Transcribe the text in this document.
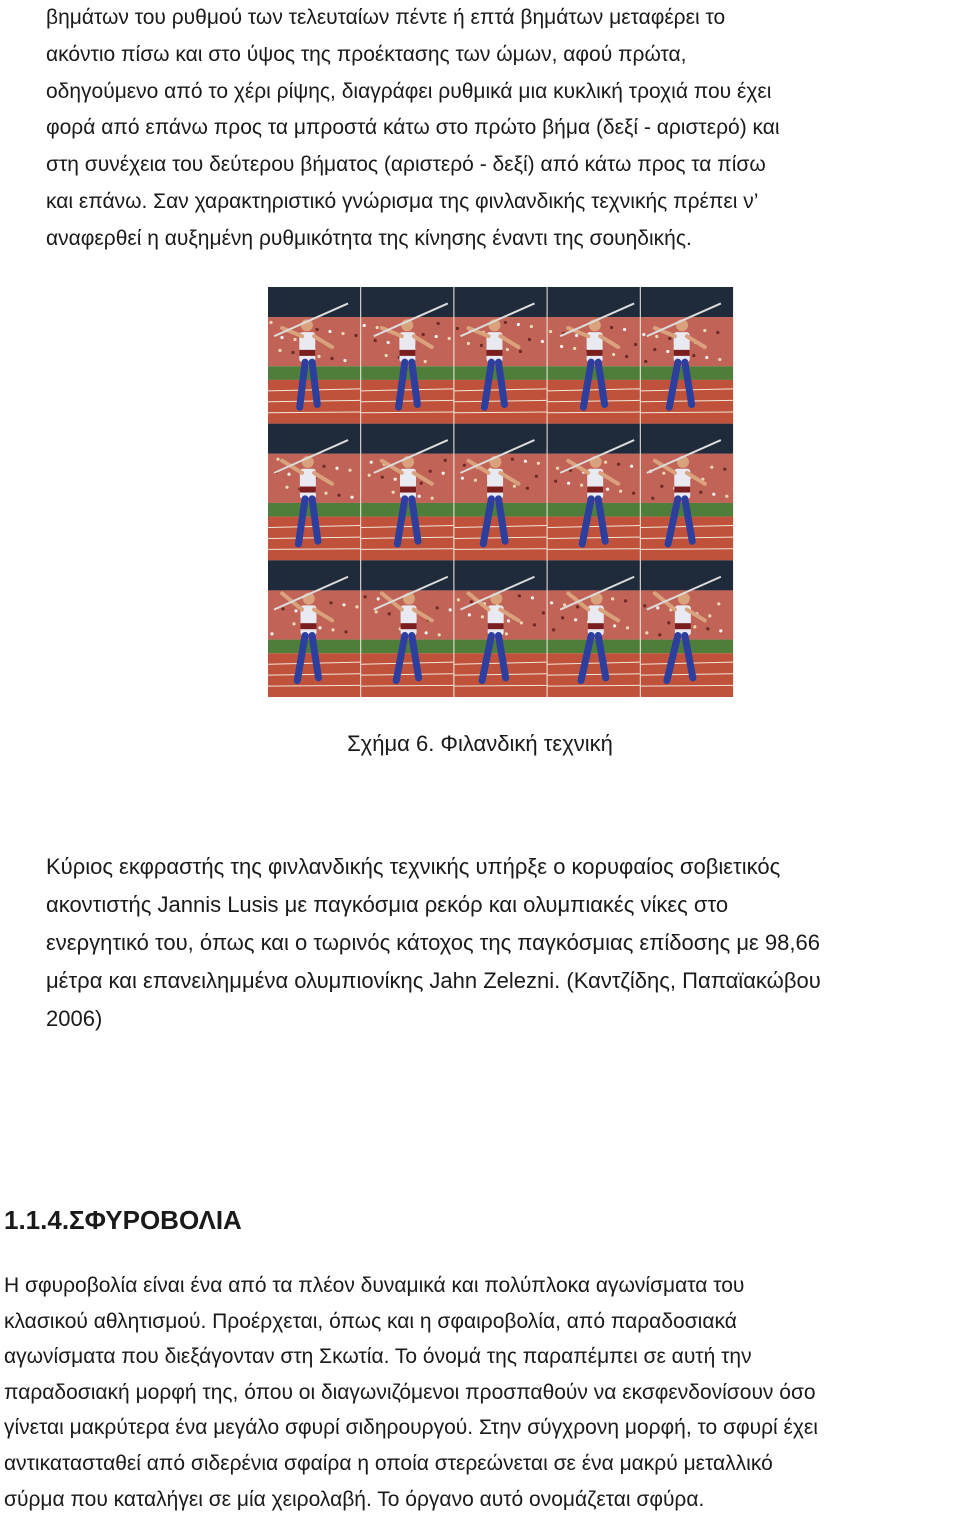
βημάτων του ρυθμού των τελευταίων πέντε ή επτά βημάτων μεταφέρει το
ακόντιο πίσω και στο ύψος της προέκτασης των ώμων, αφού πρώτα,
οδηγούμενο από το χέρι ρίψης, διαγράφει ρυθμικά μια κυκλική τροχιά που έχει
φορά από επάνω προς τα μπροστά κάτω στο πρώτο βήμα (δεξί - αριστερό) και
στη συνέχεια του δεύτερου βήματος (αριστερό - δεξί) από κάτω προς τα πίσω
και επάνω. Σαν χαρακτηριστικό γνώρισμα της φινλανδικής τεχνικής πρέπει ν’
αναφερθεί η αυξημένη ρυθμικότητα της κίνησης έναντι της σουηδικής.
Σχήμα 6. Φιλανδική τεχνική
Κύριος εκφραστής της φινλανδικής τεχνικής υπήρξε ο κορυφαίος σοβιετικός
ακοντιστής Jannis Lusis με παγκόσμια ρεκόρ και ολυμπιακές νίκες στο
ενεργητικό του, όπως και ο τωρινός κάτοχος της παγκόσμιας επίδοσης με 98,66
μέτρα και επανειλημμένα ολυμπιονίκης Jahn Zelezni. (Καντζίδης, Παπαϊακώβου
2006)
1.1.4.ΣΦΥΡΟΒΟΛΙΑ
Η σφυροβολία είναι ένα από τα πλέον δυναμικά και πολύπλοκα αγωνίσματα του
κλασικού αθλητισμού. Προέρχεται, όπως και η σφαιροβολία, από παραδοσιακά
αγωνίσματα που διεξάγονταν στη Σκωτία. Το όνομά της παραπέμπει σε αυτή την
παραδοσιακή μορφή της, όπου οι διαγωνιζόμενοι προσπαθούν να εκσφενδονίσουν όσο
γίνεται μακρύτερα ένα μεγάλο σφυρί σιδηρουργού. Στην σύγχρονη μορφή, το σφυρί έχει
αντικατασταθεί από σιδερένια σφαίρα η οποία στερεώνεται σε ένα μακρύ μεταλλικό
σύρμα που καταλήγει σε μία χειρολαβή. Το όργανο αυτό ονομάζεται σφύρα.
